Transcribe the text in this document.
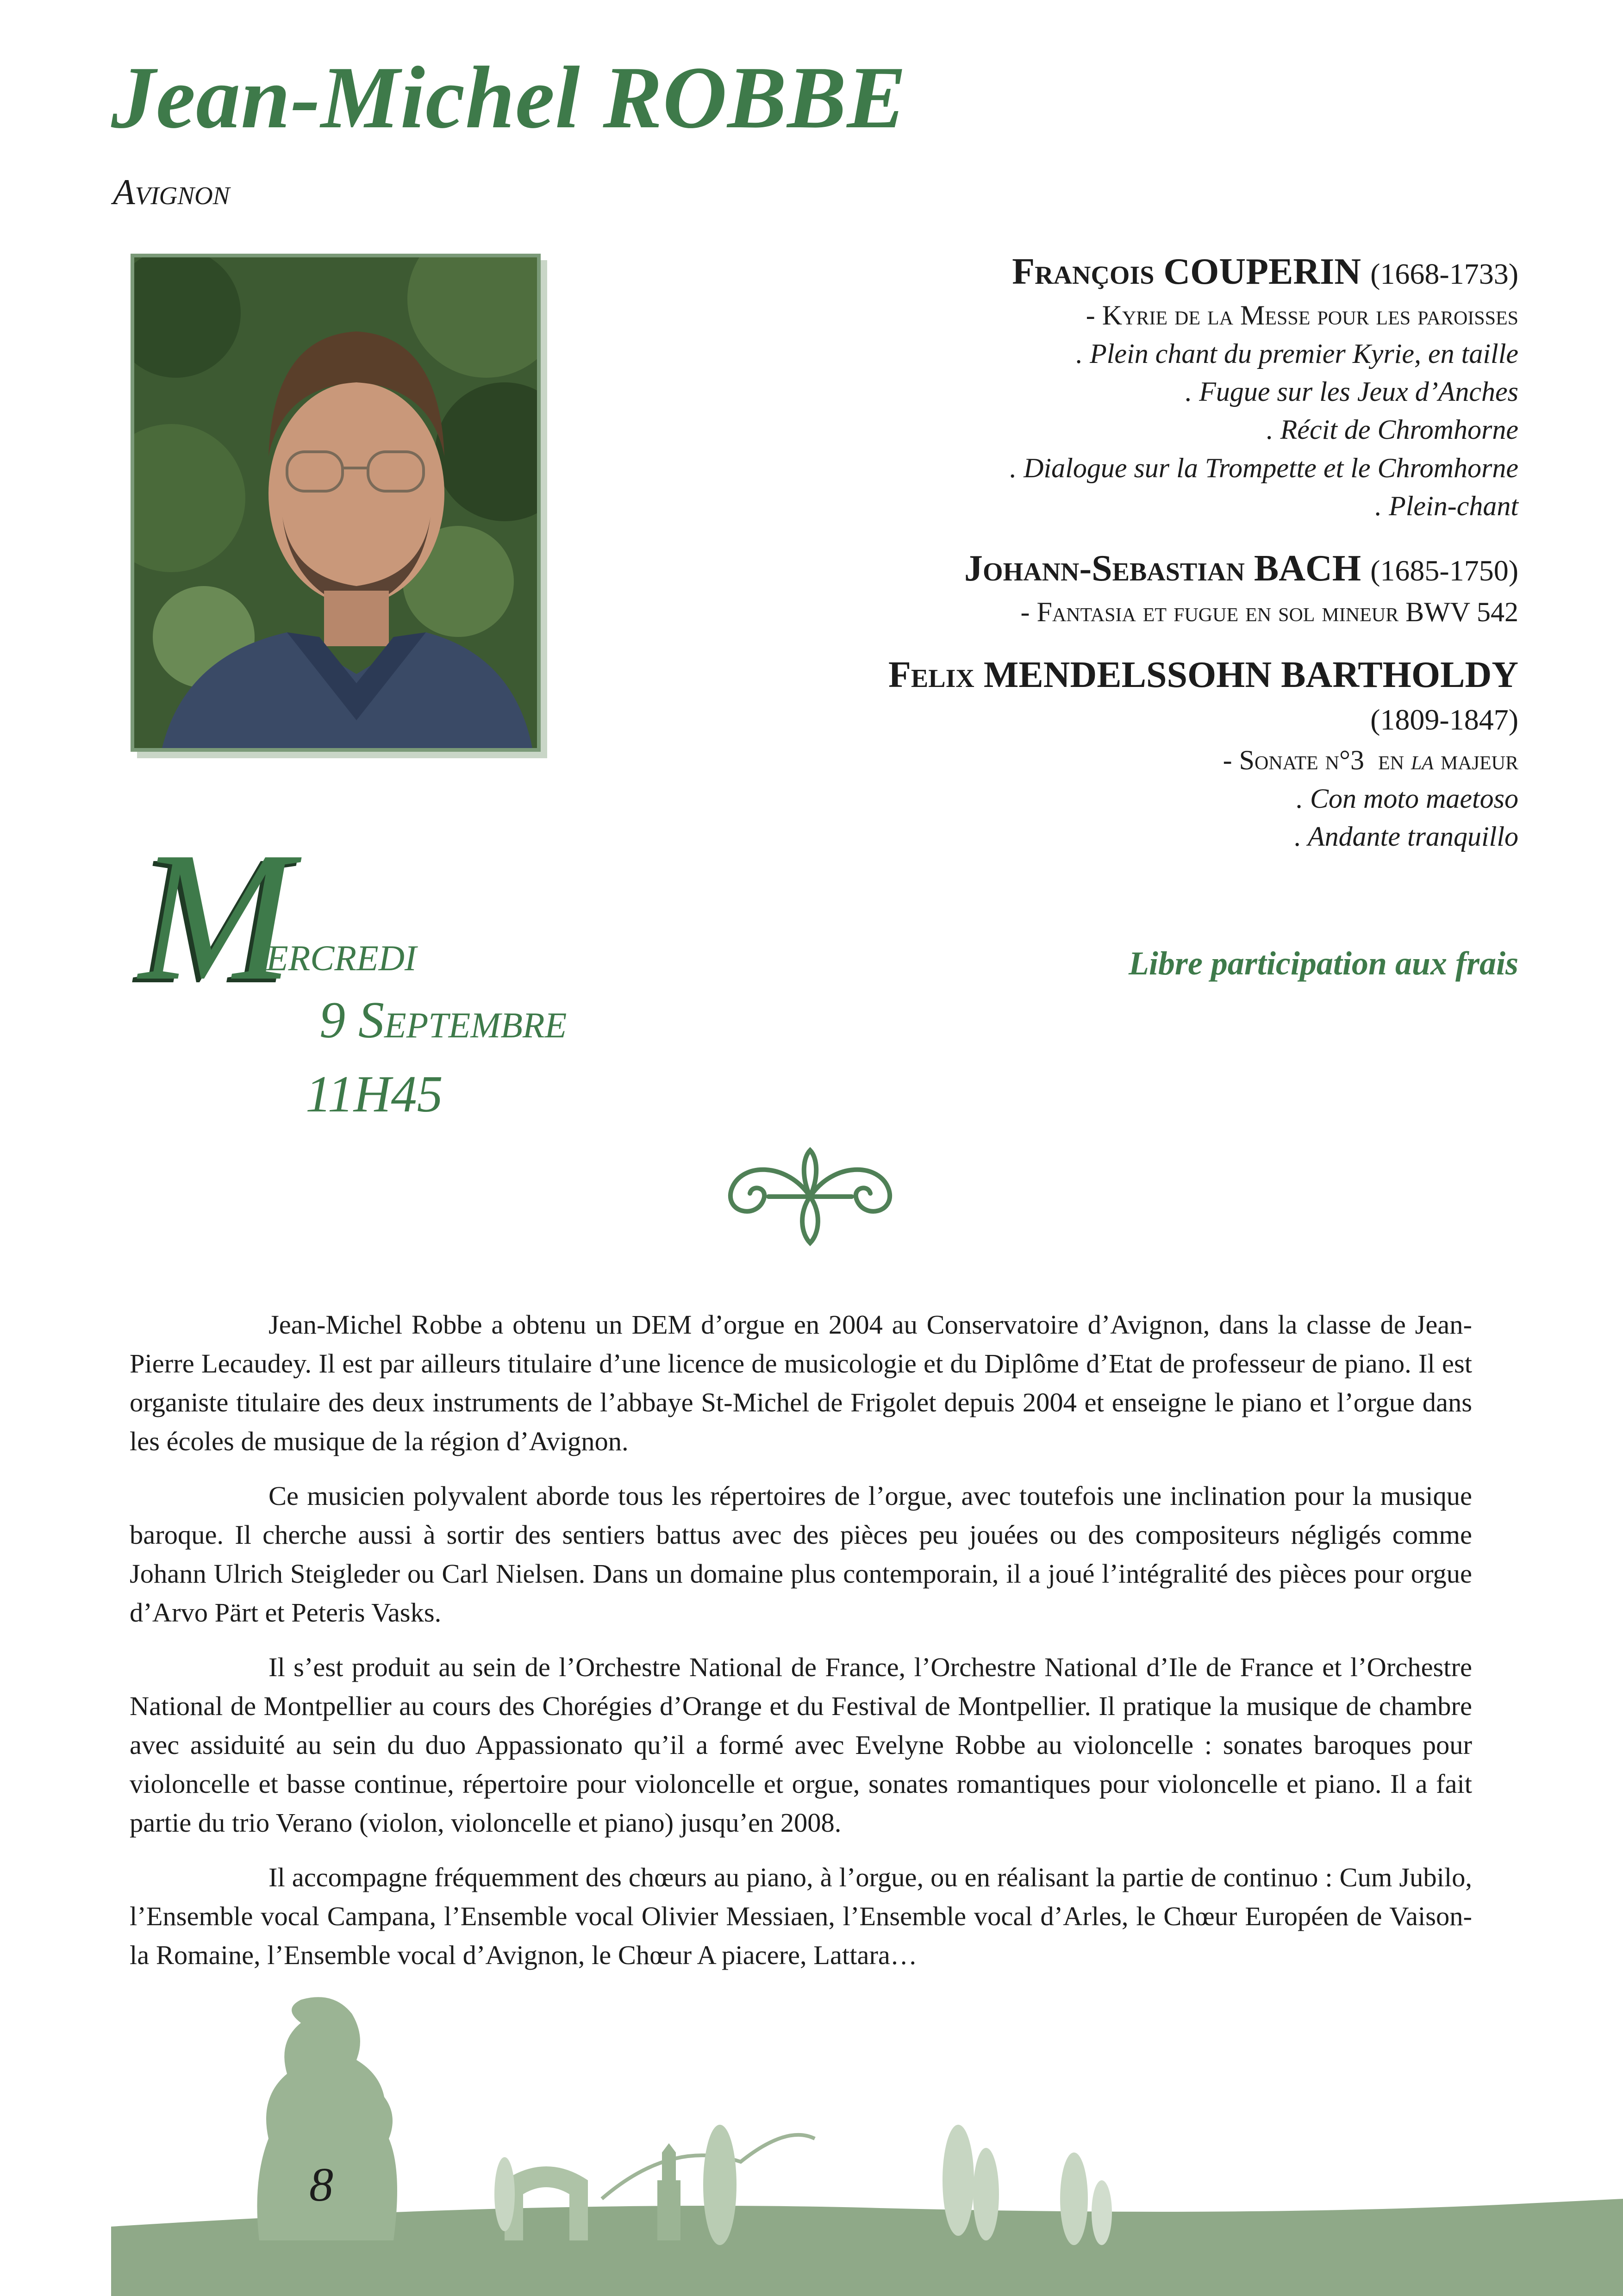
Jean-Michel ROBBE
Avignon
François COUPERIN (1668-1733)
- Kyrie de la Messe pour les paroisses
. Plein chant du premier Kyrie, en taille
. Fugue sur les Jeux d’Anches
. Récit de Chromhorne
. Dialogue sur la Trompette et le Chromhorne
. Plein-chant
Johann-Sebastian BACH (1685-1750)
- Fantasia et fugue en sol mineur BWV 542
Felix MENDELSSOHN BARTHOLDY
(1809-1847)
- Sonate n°3  en la majeur
. Con moto maetoso
. Andante tranquillo
Libre participation aux frais
M
ercredi
9 Septembre
11H45

Jean-Michel Robbe a obtenu un DEM d’orgue en 2004 au Conservatoire d’Avignon, dans la classe de Jean-Pierre Lecaudey. Il est par ailleurs titulaire d’une licence de musicologie et du Diplôme d’Etat de professeur de piano. Il est organiste titulaire des deux instruments de l’abbaye St-Michel de Frigolet depuis 2004 et enseigne le piano et l’orgue dans les écoles de musique de la région d’Avignon.

Ce musicien polyvalent aborde tous les répertoires de l’orgue, avec toutefois une inclination pour la musique baroque. Il cherche aussi à sortir des sentiers battus avec des pièces peu jouées ou des compositeurs négligés comme Johann Ulrich Steigleder ou Carl Nielsen. Dans un domaine plus contemporain, il a joué l’intégralité des pièces pour orgue d’Arvo Pärt et Peteris Vasks.

Il s’est produit au sein de l’Orchestre National de France, l’Orchestre National d’Ile de France et l’Orchestre National de Montpellier au cours des Chorégies d’Orange et du Festival de Montpellier. Il pratique la musique de chambre avec assiduité au sein du duo Appassionato qu’il a formé avec Evelyne Robbe au violoncelle : sonates baroques pour violoncelle et basse continue, répertoire pour violoncelle et orgue, sonates romantiques pour violoncelle et piano. Il a fait partie du trio Verano (violon, violoncelle et piano) jusqu’en 2008.

Il accompagne fréquemment des chœurs au piano, à l’orgue, ou en réalisant la partie de continuo : Cum Jubilo, l’Ensemble vocal Campana, l’Ensemble vocal Olivier Messiaen, l’Ensemble vocal d’Arles, le Chœur Européen de Vaison-la Romaine, l’Ensemble vocal d’Avignon, le Chœur A piacere, Lattara…

8
